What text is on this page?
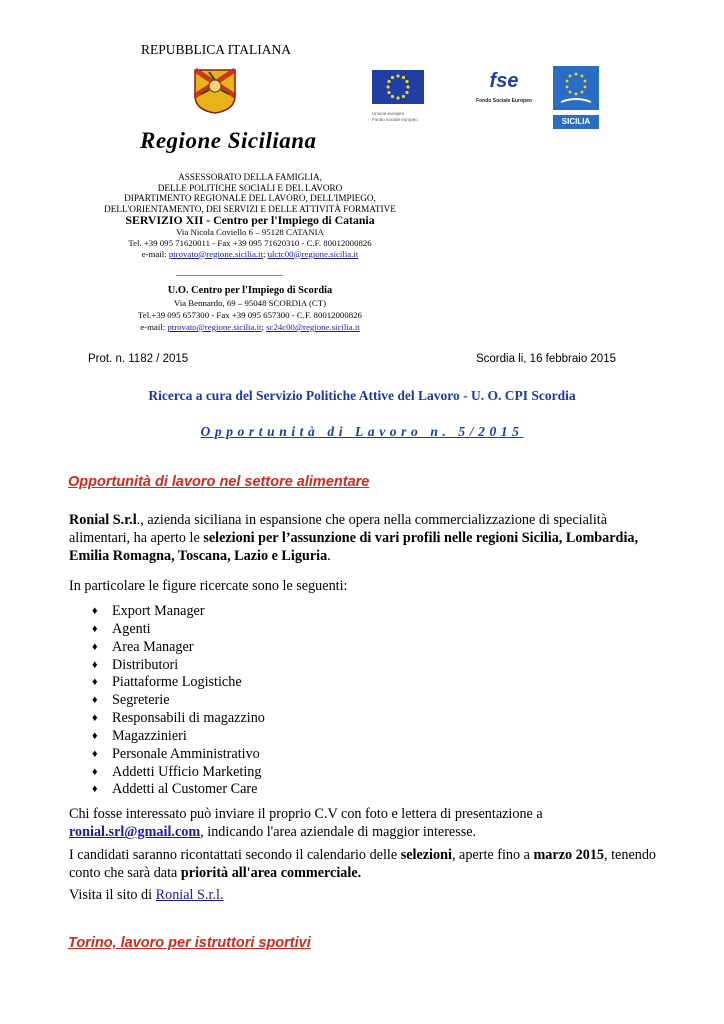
REPUBBLICA ITALIANA
Regione Siciliana
ASSESSORATO DELLA FAMIGLIA,
DELLE POLITICHE SOCIALI E DEL LAVORO
DIPARTIMENTO REGIONALE DEL LAVORO, DELL'IMPIEGO,
DELL'ORIENTAMENTO, DEI SERVIZI E DELLE ATTIVITÀ FORMATIVE
SERVIZIO XII - Centro per l'Impiego di Catania
Via Nicola Coviello 6 – 95128 CATANIA
Tel. +39 095 71620011 - Fax +39 095 71620310 - C.F. 80012000826
e-mail: ptrovato@regione.sicilia.it; ulctc00@regione.sicilia.it
U.O. Centro per l'Impiego di Scordia
Via Bennardo, 69 – 95048 SCORDIA (CT)
Tel.+39 095 657300 - Fax +39 095 657300 - C.F. 80012000826
e-mail: ptrovato@regione.sicilia.it; sc24c00@regione.sicilia.it
Unione europea
Fondo sociale europeo
fse
Fondo Sociale Europeo
SICILIA
Prot. n. 1182 / 2015	Scordia li, 16 febbraio 2015
Ricerca a cura del Servizio Politiche Attive del Lavoro - U. O. CPI Scordia
Opportunità di Lavoro n. 5/2015
Opportunità di lavoro nel settore alimentare
Ronial S.r.l., azienda siciliana in espansione che opera nella commercializzazione di specialità alimentari, ha aperto le selezioni per l’assunzione di vari profili nelle regioni Sicilia, Lombardia, Emilia Romagna, Toscana, Lazio e Liguria.
In particolare le figure ricercate sono le seguenti:
♦ Export Manager
♦ Agenti
♦ Area Manager
♦ Distributori
♦ Piattaforme Logistiche
♦ Segreterie
♦ Responsabili di magazzino
♦ Magazzinieri
♦ Personale Amministrativo
♦ Addetti Ufficio Marketing
♦ Addetti al Customer Care
Chi fosse interessato può inviare il proprio C.V con foto e lettera di presentazione a ronial.srl@gmail.com, indicando l'area aziendale di maggior interesse.
I candidati saranno ricontattati secondo il calendario delle selezioni, aperte fino a marzo 2015, tenendo conto che sarà data priorità all'area commerciale.
Visita il sito di Ronial S.r.l.
Torino, lavoro per istruttori sportivi
